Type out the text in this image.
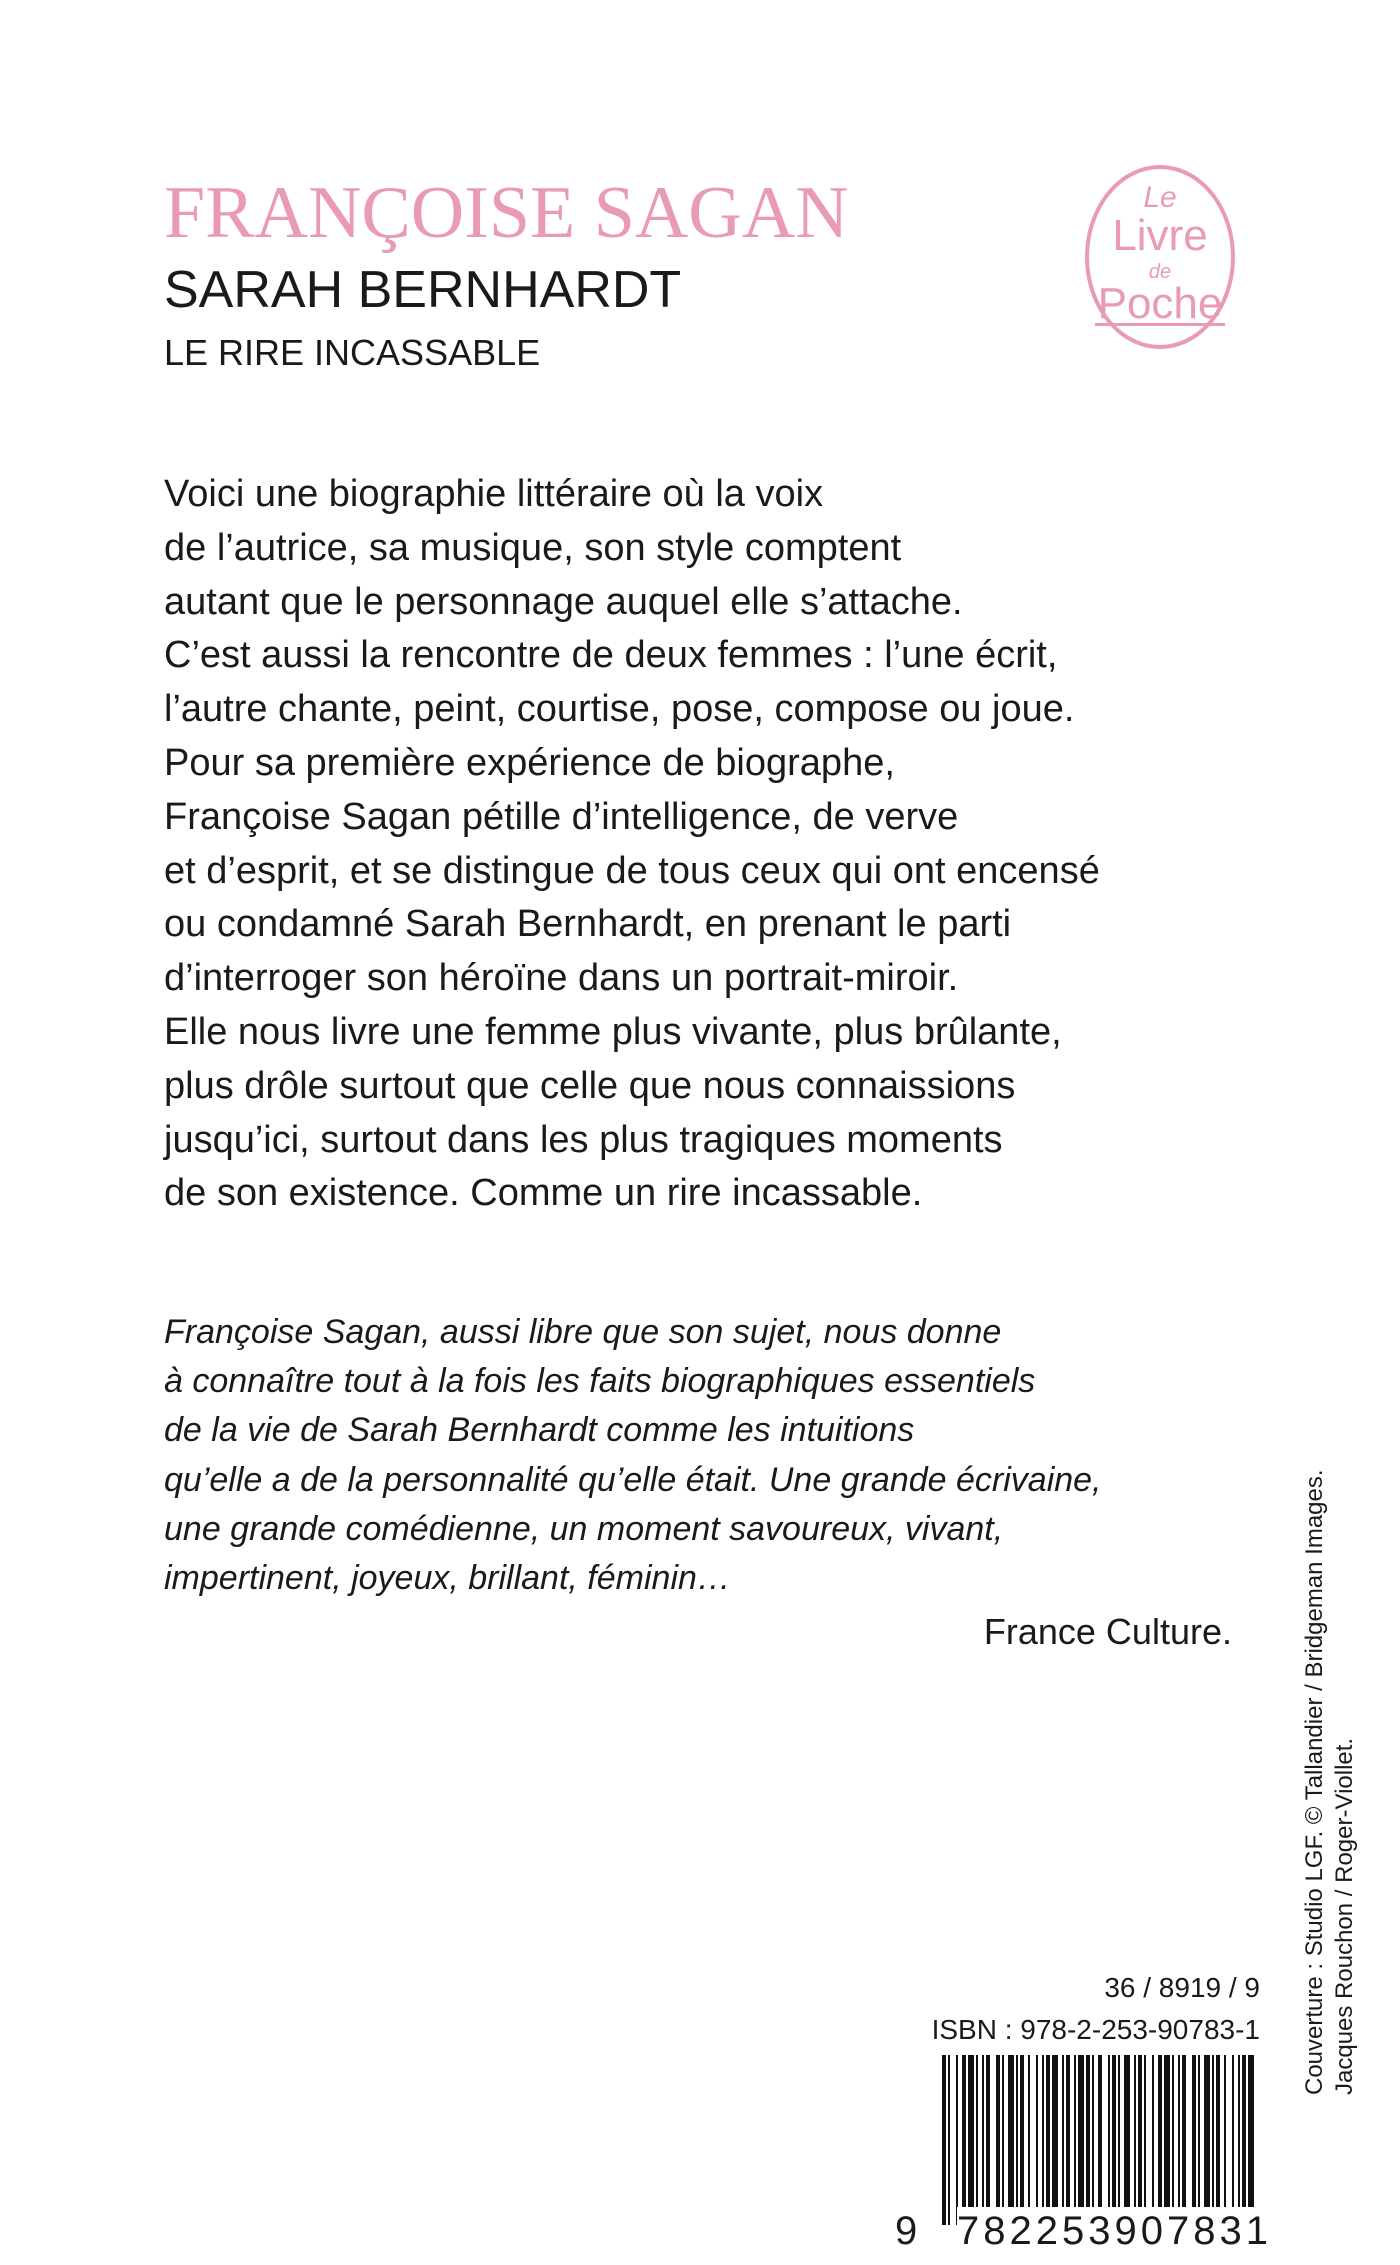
FRANÇOISE SAGAN
SARAH BERNHARDT
LE RIRE INCASSABLE
Le
Livre
de
Poche
Voici une biographie littéraire où la voix
de l’autrice, sa musique, son style comptent
autant que le personnage auquel elle s’attache.
C’est aussi la rencontre de deux femmes : l’une écrit,
l’autre chante, peint, courtise, pose, compose ou joue.
Pour sa première expérience de biographe,
Françoise Sagan pétille d’intelligence, de verve
et d’esprit, et se distingue de tous ceux qui ont encensé
ou condamné Sarah Bernhardt, en prenant le parti
d’interroger son héroïne dans un portrait-miroir.
Elle nous livre une femme plus vivante, plus brûlante,
plus drôle surtout que celle que nous connaissions
jusqu’ici, surtout dans les plus tragiques moments
de son existence. Comme un rire incassable.
Françoise Sagan, aussi libre que son sujet, nous donne
à connaître tout à la fois les faits biographiques essentiels
de la vie de Sarah Bernhardt comme les intuitions
qu’elle a de la personnalité qu’elle était. Une grande écrivaine,
une grande comédienne, un moment savoureux, vivant,
impertinent, joyeux, brillant, féminin…
France Culture.	Couverture : Studio LGF. © Tallandier / Bridgeman Images. Jacques Rouchon / Roger-Viollet.
36 / 8919 / 9
ISBN : 978-2-253-90783-1
9 782253907831
